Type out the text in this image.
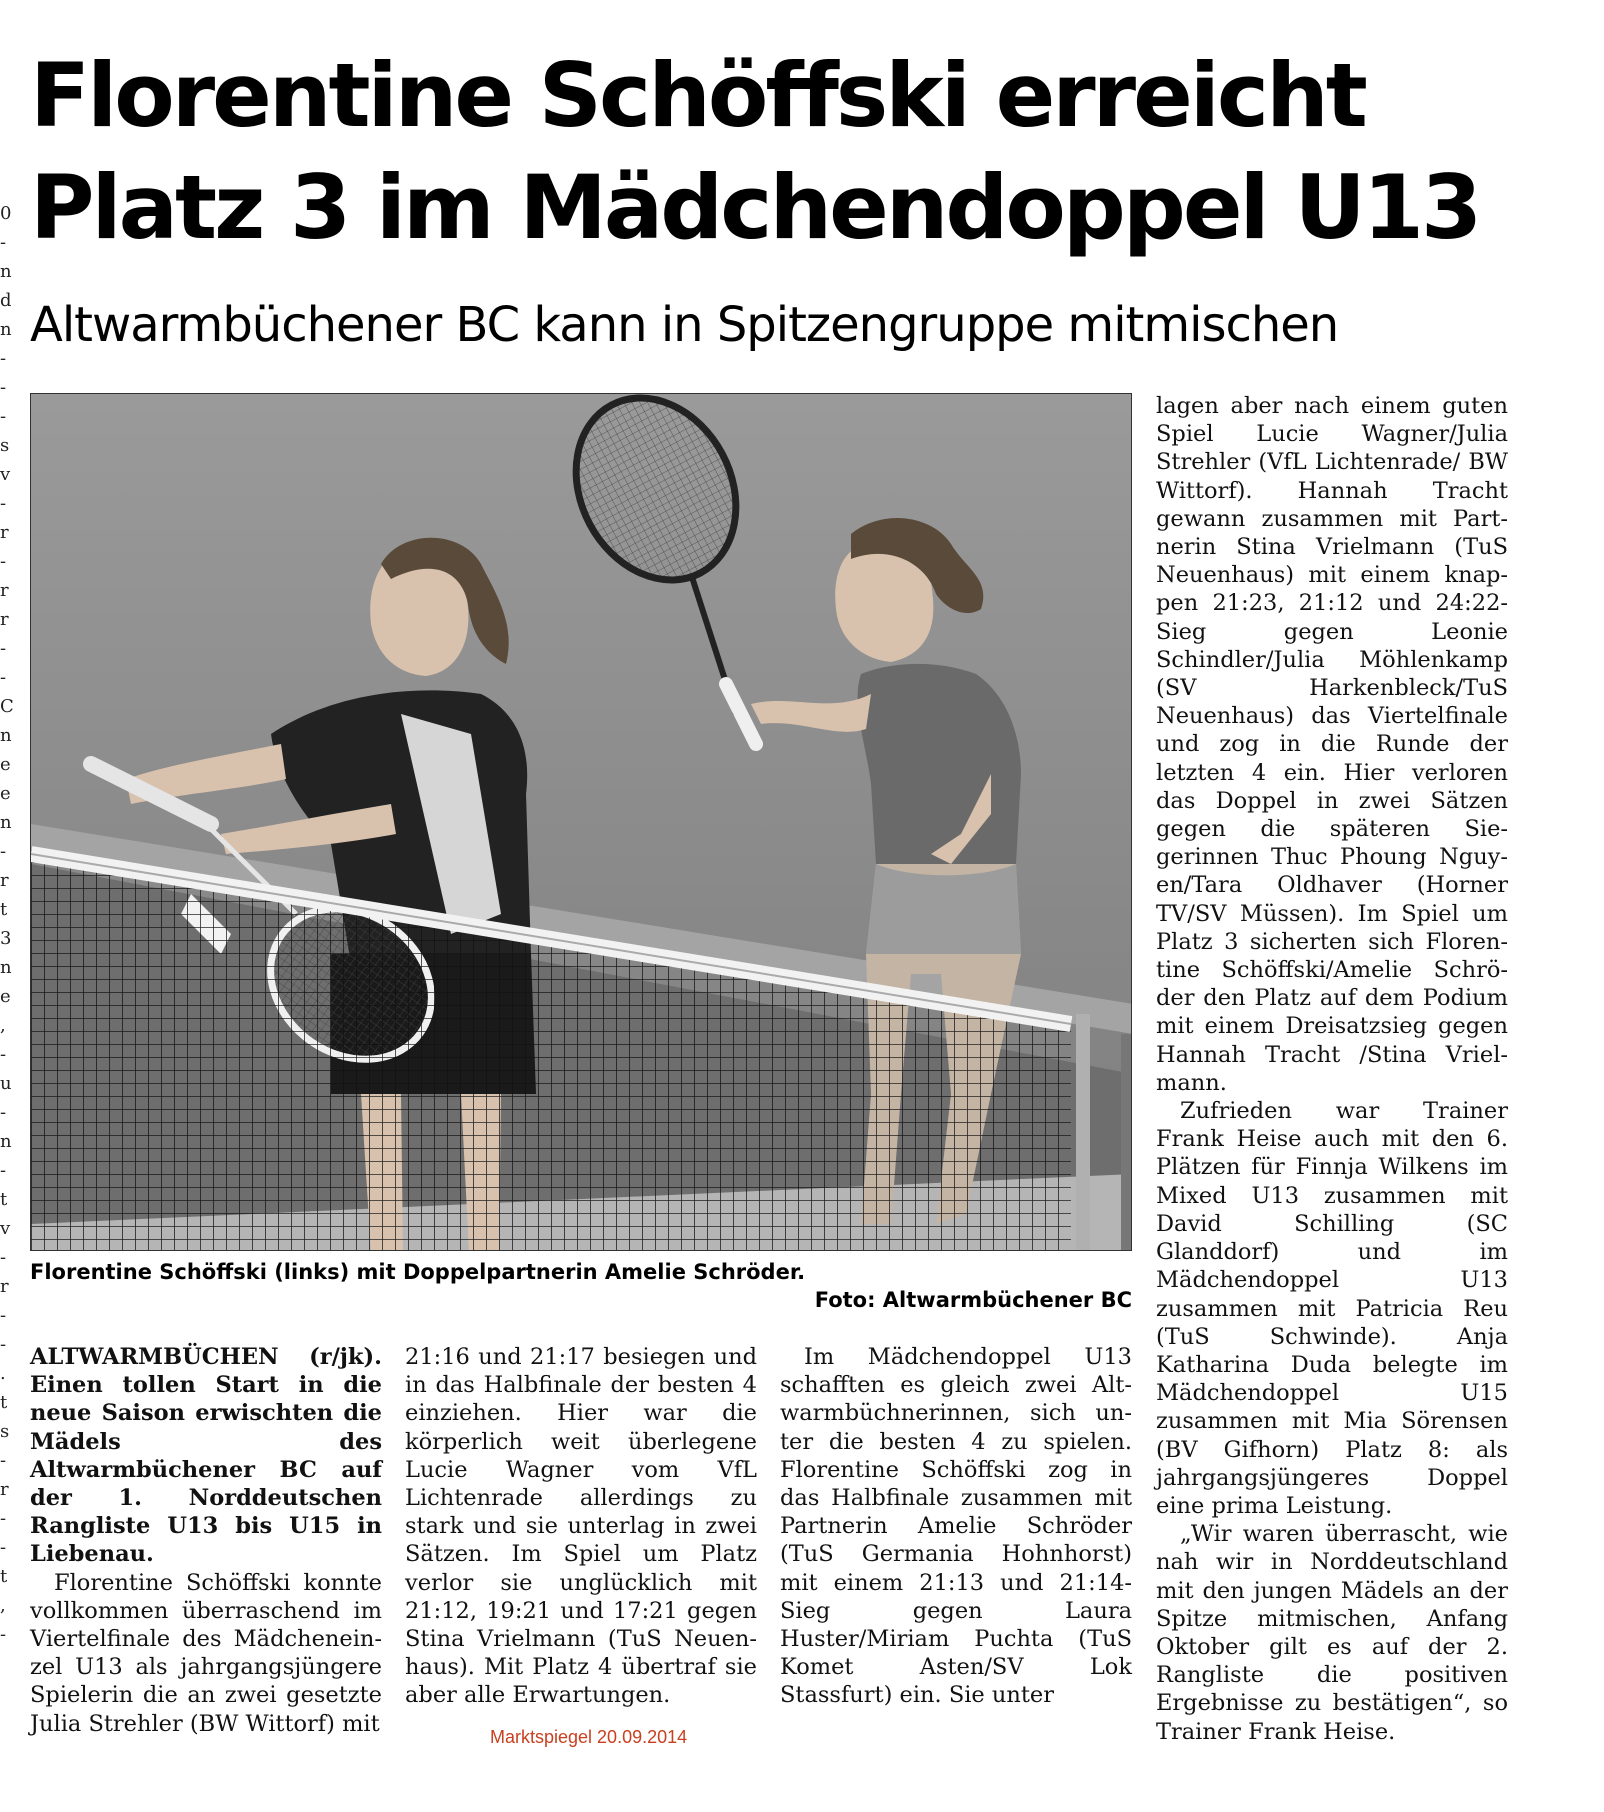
0
-
n
d
n
-
-
-
s
v
-
r
-
r
r
-
-
C
n
e
e
n
-
r
t
3
n
e
,
-
u
-
n
-
t
v
-
r
-
-
.
t
s
-
r
-
-
t
,
-
Florentine Schöffski erreicht
Platz 3 im Mädchendoppel U13
Altwarmbüchener BC kann in Spitzengruppe mitmischen
Florentine Schöffski (links) mit Doppelpartnerin Amelie Schröder.
Foto: Altwarmbüchener BC

ALTWARMBÜCHEN (r/jk). Einen tollen Start in die neue Saison erwischten die Mädels des Altwarmbüchener BC auf der 1. Norddeutschen Rangliste U13 bis U15 in Liebenau.

Florentine Schöffski konnte vollkommen überraschend im Viertelfinale des Mädcheneinzel U13 als jahrgangsjüngere Spielerin die an zwei gesetzte Julia Strehler (BW Wittorf) mit

21:16 und 21:17 besiegen und in das Halbfinale der besten 4 einziehen. Hier war die körperlich weit überlegene Lucie Wagner vom VfL Lichtenrade allerdings zu stark und sie unterlag in zwei Sätzen. Im Spiel um Platz verlor sie unglücklich mit 21:12, 19:21 und 17:21 gegen Stina Vrielmann (TuS Neuenhaus). Mit Platz 4 übertraf sie aber alle Erwartungen.

Im Mädchendoppel U13 schafften es gleich zwei Altwarmbüchnerinnen, sich unter die besten 4 zu spielen. Florentine Schöffski zog in das Halbfinale zusammen mit Partnerin Amelie Schröder (TuS Germania Hohnhorst) mit einem 21:13 und 21:14-Sieg gegen Laura Huster/Miriam Puchta (TuS Komet Asten/SV Lok Stassfurt) ein. Sie unter

lagen aber nach einem guten Spiel Lucie Wagner/Julia Strehler (VfL Lichtenrade/ BW Wittorf). Hannah Tracht gewann zusammen mit Partnerin Stina Vrielmann (TuS Neuenhaus) mit einem knappen 21:23, 21:12 und 24:22-Sieg gegen Leonie Schindler/Julia Möhlenkamp (SV Harkenbleck/TuS Neuenhaus) das Viertelfinale und zog in die Runde der letzten 4 ein. Hier verloren das Doppel in zwei Sätzen gegen die späteren Siegerinnen Thuc Phoung Nguyen/Tara Oldhaver (Horner TV/SV Müssen). Im Spiel um Platz 3 sicherten sich Florentine Schöffski/Amelie Schröder den Platz auf dem Podium mit einem Dreisatzsieg gegen Hannah Tracht /Stina Vrielmann.

Zufrieden war Trainer Frank Heise auch mit den 6. Plätzen für Finnja Wilkens im Mixed U13 zusammen mit David Schilling (SC Glanddorf) und im Mädchendoppel U13 zusammen mit Patricia Reu (TuS Schwinde). Anja Katharina Duda belegte im Mädchendoppel U15 zusammen mit Mia Sörensen (BV Gifhorn) Platz 8: als jahrgangsjüngeres Doppel eine prima Leistung.

„Wir waren überrascht, wie nah wir in Norddeutschland mit den jungen Mädels an der Spitze mitmischen, Anfang Oktober gilt es auf der 2. Rangliste die positiven Ergebnisse zu bestätigen“, so Trainer Frank Heise.

Marktspiegel 20.09.2014
